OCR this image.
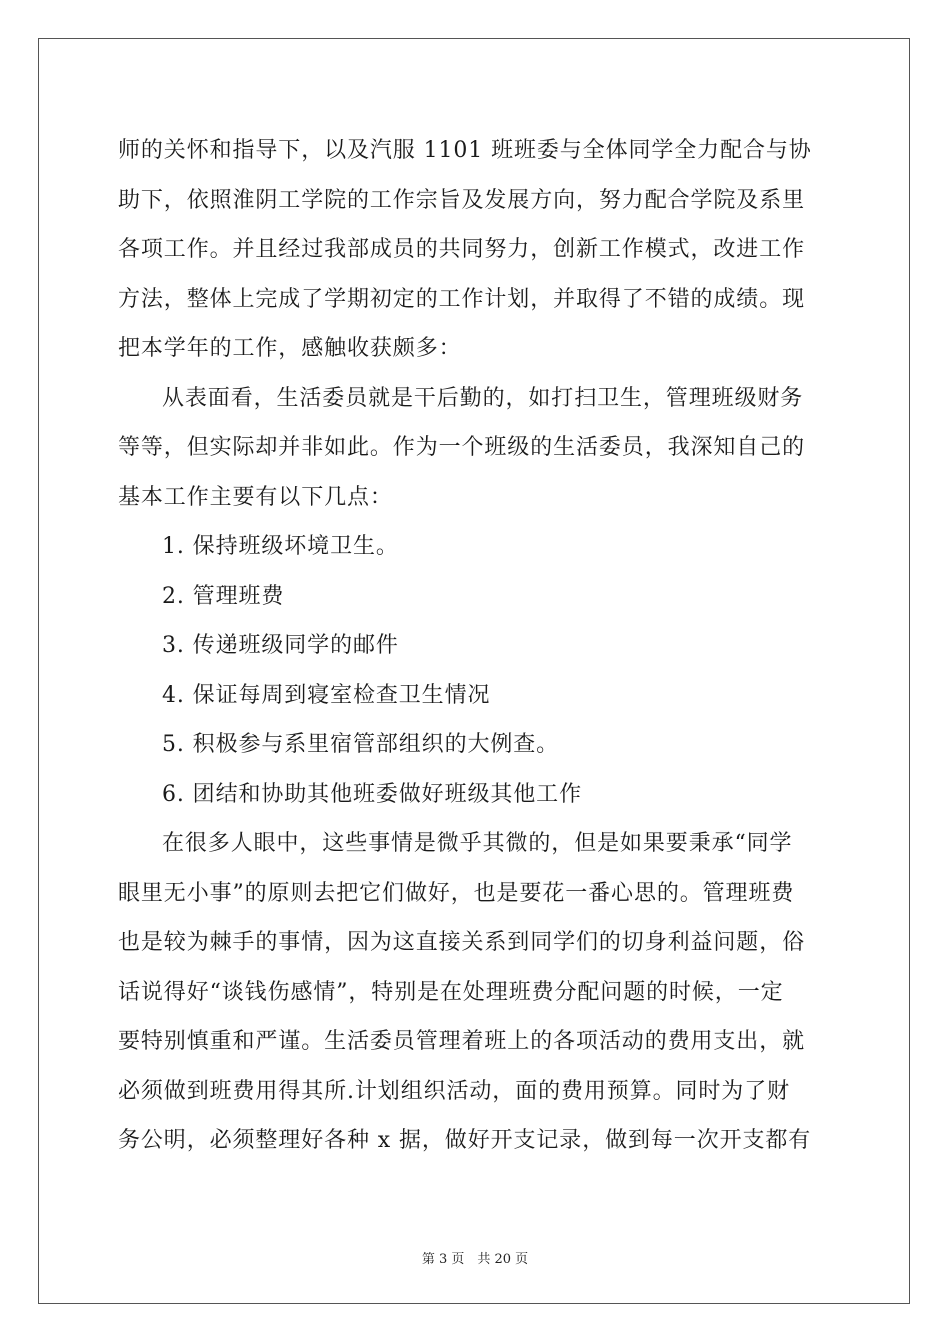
师的关怀和指导下，以及汽服 1101 班班委与全体同学全力配合与协
助下，依照淮阴工学院的工作宗旨及发展方向，努力配合学院及系里
各项工作。并且经过我部成员的共同努力，创新工作模式，改进工作
方法，整体上完成了学期初定的工作计划，并取得了不错的成绩。现
把本学年的工作，感触收获颇多：
从表面看，生活委员就是干后勤的，如打扫卫生，管理班级财务
等等，但实际却并非如此。作为一个班级的生活委员，我深知自己的
基本工作主要有以下几点：
1. 保持班级坏境卫生。
2. 管理班费
3. 传递班级同学的邮件
4. 保证每周到寝室检查卫生情况
5. 积极参与系里宿管部组织的大例查。
6. 团结和协助其他班委做好班级其他工作
在很多人眼中，这些事情是微乎其微的，但是如果要秉承“同学
眼里无小事”的原则去把它们做好，也是要花一番心思的。管理班费
也是较为棘手的事情，因为这直接关系到同学们的切身利益问题，俗
话说得好“谈钱伤感情”，特别是在处理班费分配问题的时候，一定
要特别慎重和严谨。生活委员管理着班上的各项活动的费用支出，就
必须做到班费用得其所.计划组织活动，面的费用预算。同时为了财
务公明，必须整理好各种 x 据，做好开支记录，做到每一次开支都有
第 3 页　共 20 页
